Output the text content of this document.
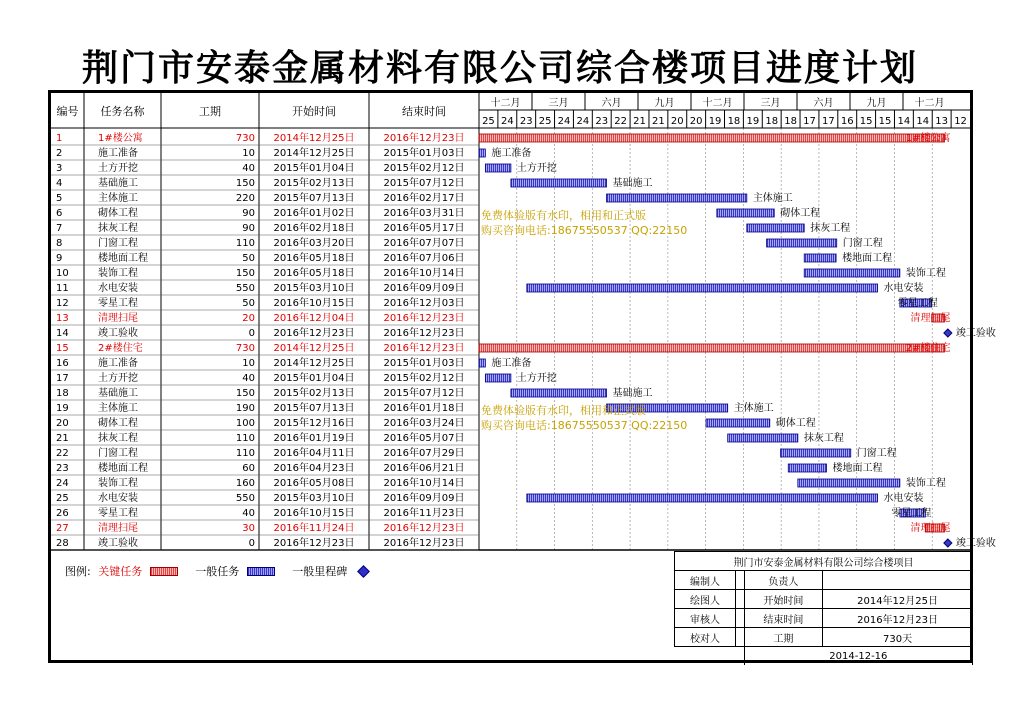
荆门市安泰金属材料有限公司综合楼项目进度计划
编号 任务名称	工期	开始时间	结束时间
十二月	三月	六月	九月	十二月	三月	六月	九月	十二月
25 24 23 25 24 24 23 22 21 21 20 20 19 18 19 18 18 17 17 16 15 15 14 14 13 12
1	1#楼公寓	730 2014年12月25日	2016年12月23日	1#楼公寓
2	施工准备	10 2014年12月25日	2015年01月03日	施工准备
3	土方开挖	40 2015年01月04日	2015年02月12日	土方开挖
4	基础施工	150 2015年02月13日	2015年07月12日	基础施工
5	主体施工	220 2015年07月13日	2016年02月17日	主体施工
6	砌体工程	90 2016年01月02日	2016年03月31日	砌体工程
7	抹灰工程	90 2016年02月18日	2016年05月17日	抹灰工程
8	门窗工程	110 2016年03月20日	2016年07月07日	门窗工程
9	楼地面工程	50 2016年05月18日	2016年07月06日	楼地面工程
10	装饰工程	150 2016年05月18日	2016年10月14日	装饰工程
11	水电安装	550 2015年03月10日	2016年09月09日	水电安装
12	零星工程	50 2016年10月15日	2016年12月03日	零星工程
13	清理扫尾	20 2016年12月04日	2016年12月23日	清理扫尾
14	竣工验收	0 2016年12月23日	2016年12月23日	竣工验收
15	2#楼住宅	730 2014年12月25日	2016年12月23日	2#楼住宅
16	施工准备	10 2014年12月25日	2015年01月03日	施工准备
17	土方开挖	40 2015年01月04日	2015年02月12日	土方开挖
18	基础施工	150 2015年02月13日	2015年07月12日	基础施工
19	主体施工	190 2015年07月13日	2016年01月18日	主体施工
20	砌体工程	100 2015年12月16日	2016年03月24日	砌体工程
21	抹灰工程	110 2016年01月19日	2016年05月07日	抹灰工程
22	门窗工程	110 2016年04月11日	2016年07月29日	门窗工程
23	楼地面工程	60 2016年04月23日	2016年06月21日	楼地面工程
24	装饰工程	160 2016年05月08日	2016年10月14日	装饰工程
25	水电安装	550 2015年03月10日	2016年09月09日	水电安装
26	零星工程	40 2016年10月15日	2016年11月23日	零星工程
27	清理扫尾	30 2016年11月24日	2016年12月23日	清理扫尾
28	竣工验收	0 2016年12月23日	2016年12月23日	竣工验收
免费体验版有水印，相用和正式版
购买咨询电话:18675550537 QQ:22150
免费体验版有水印，相用和正式版
购买咨询电话:18675550537 QQ:22150
图例: 关键任务	一般任务	一般里程碑
荆门市安泰金属材料有限公司综合楼项目			
编制人		负责人	
绘图人		开始时间	2014年12月25日
审核人		结束时间	2016年12月23日
校对人		工期	730天
		2014-12-16	
